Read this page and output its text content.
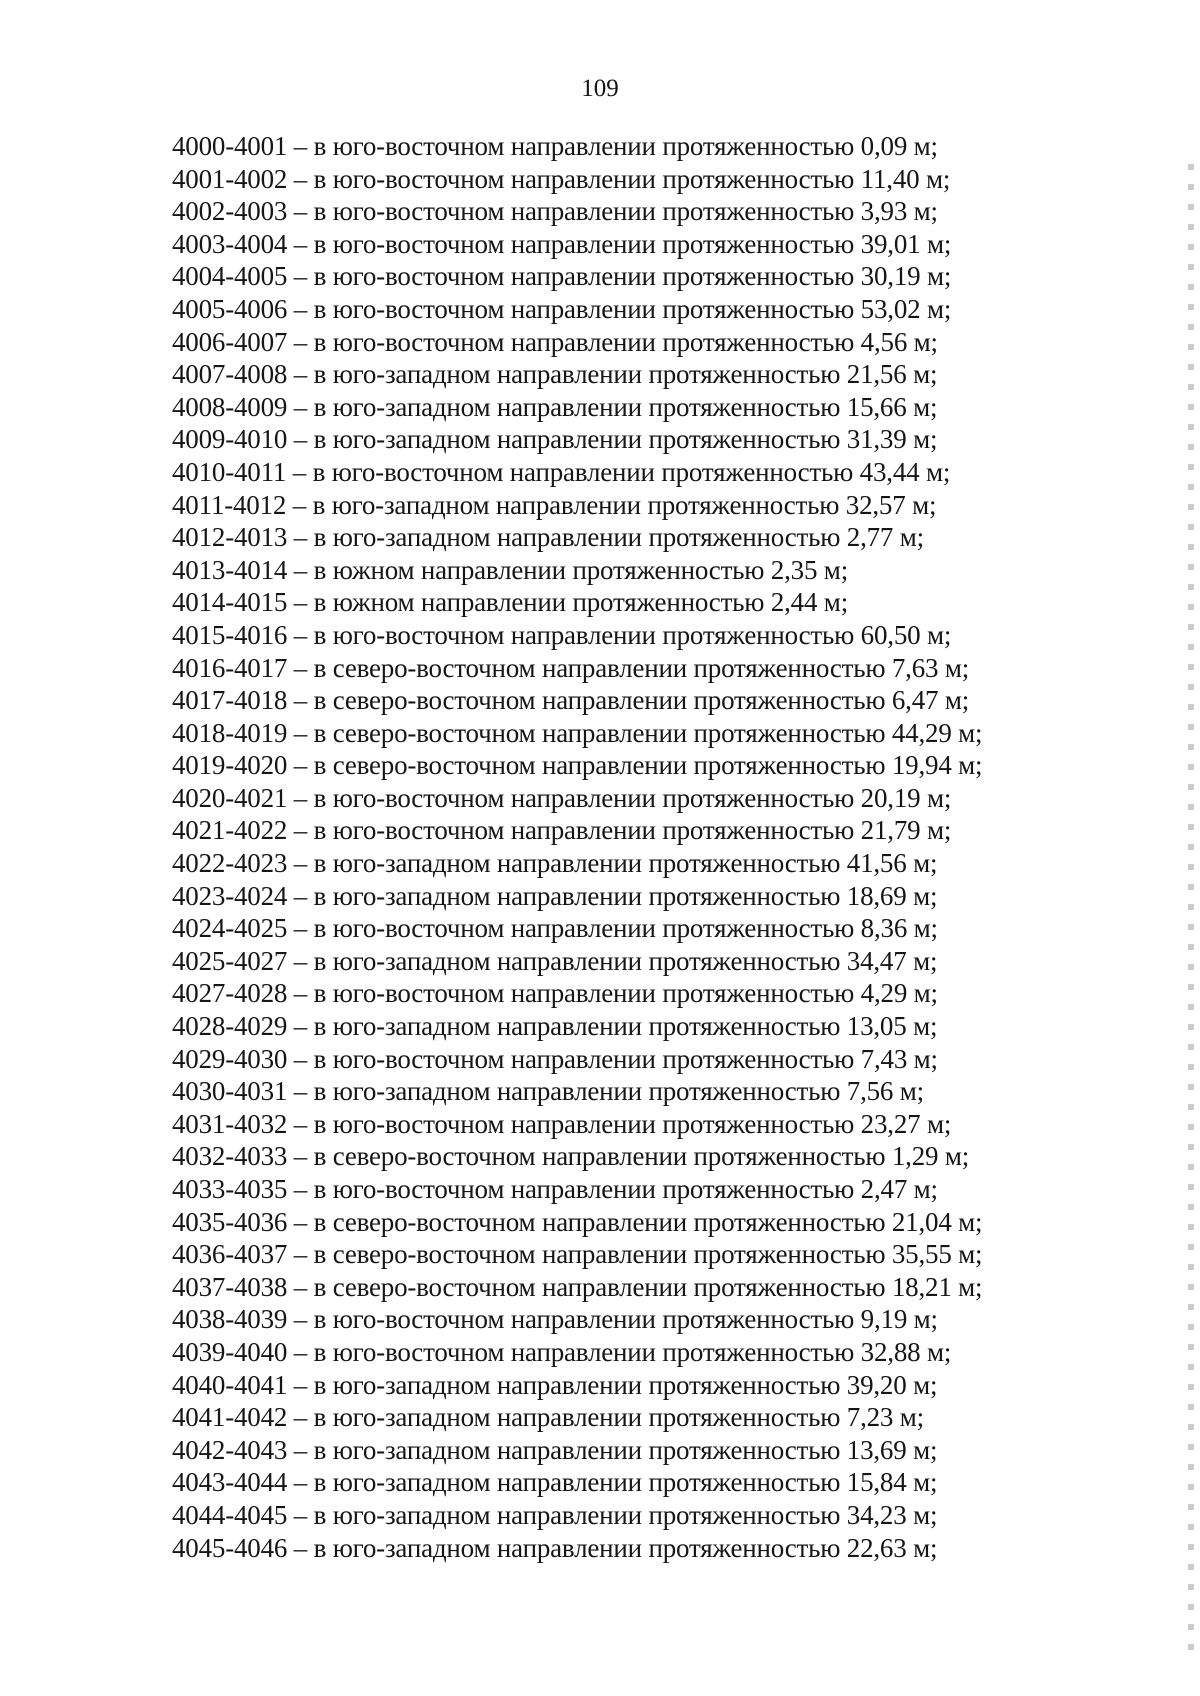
109
4000-4001 – в юго-восточном направлении протяженностью 0,09 м;
4001-4002 – в юго-восточном направлении протяженностью 11,40 м;
4002-4003 – в юго-восточном направлении протяженностью 3,93 м;
4003-4004 – в юго-восточном направлении протяженностью 39,01 м;
4004-4005 – в юго-восточном направлении протяженностью 30,19 м;
4005-4006 – в юго-восточном направлении протяженностью 53,02 м;
4006-4007 – в юго-восточном направлении протяженностью 4,56 м;
4007-4008 – в юго-западном направлении протяженностью 21,56 м;
4008-4009 – в юго-западном направлении протяженностью 15,66 м;
4009-4010 – в юго-западном направлении протяженностью 31,39 м;
4010-4011 – в юго-восточном направлении протяженностью 43,44 м;
4011-4012 – в юго-западном направлении протяженностью 32,57 м;
4012-4013 – в юго-западном направлении протяженностью 2,77 м;
4013-4014 – в южном направлении протяженностью 2,35 м;
4014-4015 – в южном направлении протяженностью 2,44 м;
4015-4016 – в юго-восточном направлении протяженностью 60,50 м;
4016-4017 – в северо-восточном направлении протяженностью 7,63 м;
4017-4018 – в северо-восточном направлении протяженностью 6,47 м;
4018-4019 – в северо-восточном направлении протяженностью 44,29 м;
4019-4020 – в северо-восточном направлении протяженностью 19,94 м;
4020-4021 – в юго-восточном направлении протяженностью 20,19 м;
4021-4022 – в юго-восточном направлении протяженностью 21,79 м;
4022-4023 – в юго-западном направлении протяженностью 41,56 м;
4023-4024 – в юго-западном направлении протяженностью 18,69 м;
4024-4025 – в юго-восточном направлении протяженностью 8,36 м;
4025-4027 – в юго-западном направлении протяженностью 34,47 м;
4027-4028 – в юго-восточном направлении протяженностью 4,29 м;
4028-4029 – в юго-западном направлении протяженностью 13,05 м;
4029-4030 – в юго-восточном направлении протяженностью 7,43 м;
4030-4031 – в юго-западном направлении протяженностью 7,56 м;
4031-4032 – в юго-восточном направлении протяженностью 23,27 м;
4032-4033 – в северо-восточном направлении протяженностью 1,29 м;
4033-4035 – в юго-восточном направлении протяженностью 2,47 м;
4035-4036 – в северо-восточном направлении протяженностью 21,04 м;
4036-4037 – в северо-восточном направлении протяженностью 35,55 м;
4037-4038 – в северо-восточном направлении протяженностью 18,21 м;
4038-4039 – в юго-восточном направлении протяженностью 9,19 м;
4039-4040 – в юго-восточном направлении протяженностью 32,88 м;
4040-4041 – в юго-западном направлении протяженностью 39,20 м;
4041-4042 – в юго-западном направлении протяженностью 7,23 м;
4042-4043 – в юго-западном направлении протяженностью 13,69 м;
4043-4044 – в юго-западном направлении протяженностью 15,84 м;
4044-4045 – в юго-западном направлении протяженностью 34,23 м;
4045-4046 – в юго-западном направлении протяженностью 22,63 м;
